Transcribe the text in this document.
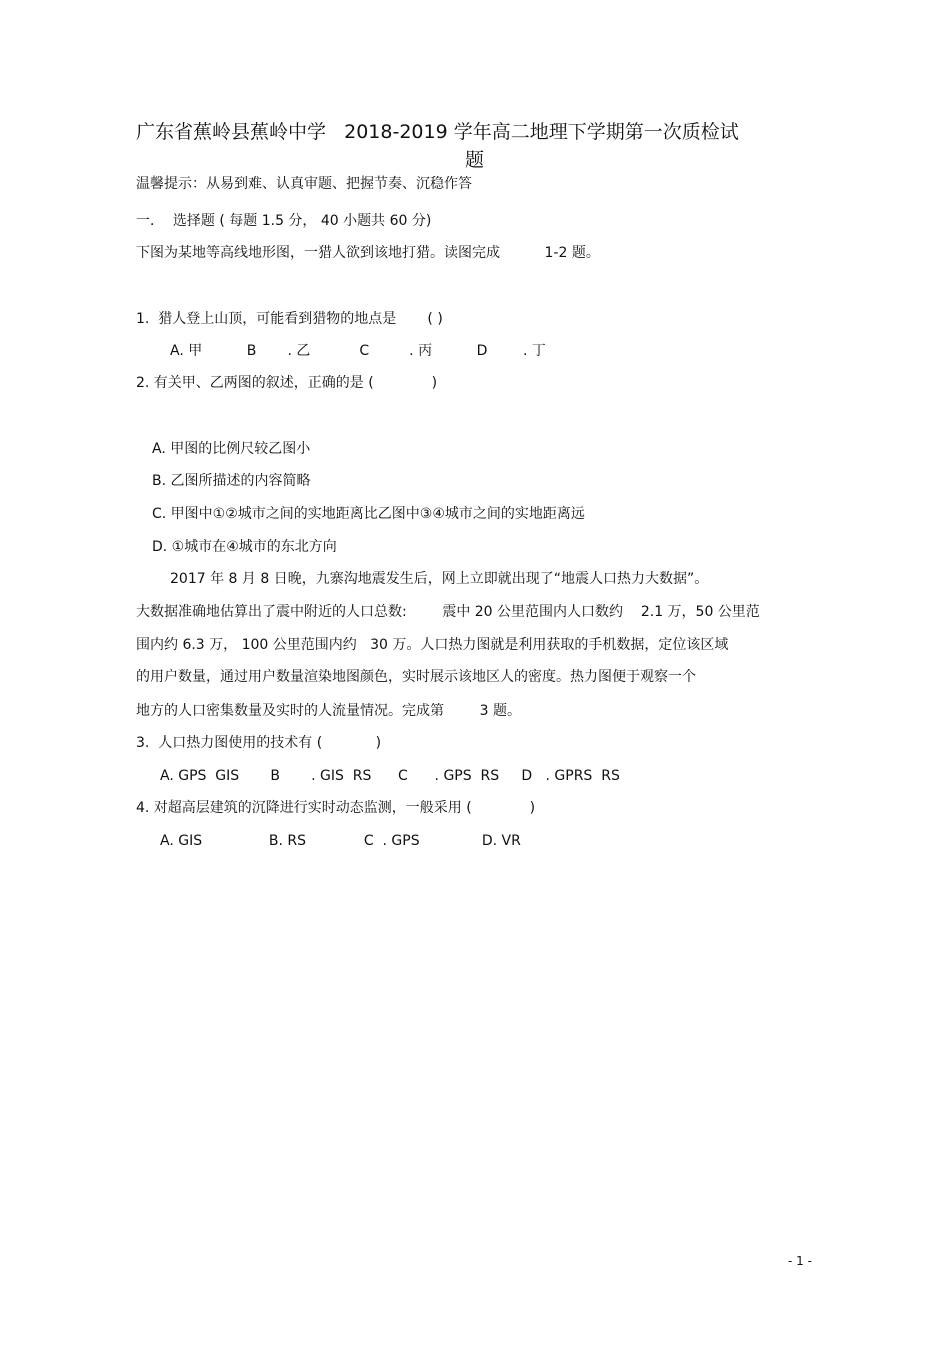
广东省蕉岭县蕉岭中学   2018-2019 学年高二地理下学期第一次质检试
题
温馨提示：从易到难、认真审题、把握节奏、沉稳作答
一．  选择题 ( 每题 1.5 分， 40 小题共 60 分)
下图为某地等高线地形图，一猎人欲到该地打猎。读图完成          1-2 题。
1.  猎人登上山顶，可能看到猎物的地点是       ( )
A. 甲          B       . 乙           C         . 丙          D        . 丁
2. 有关甲、乙两图的叙述，正确的是 (             )
A. 甲图的比例尺较乙图小
B. 乙图所描述的内容简略
C. 甲图中①②城市之间的实地距离比乙图中③④城市之间的实地距离远
D. ①城市在④城市的东北方向
2017 年 8 月 8 日晚，九寨沟地震发生后，网上立即就出现了“地震人口热力大数据”。
大数据准确地估算出了震中附近的人口总数:        震中 20 公里范围内人口数约    2.1 万，50 公里范
围内约 6.3 万， 100 公里范围内约   30 万。人口热力图就是利用获取的手机数据，定位该区域
的用户数量，通过用户数量渲染地图颜色，实时展示该地区人的密度。热力图便于观察一个
地方的人口密集数量及实时的人流量情况。完成第        3 题。
3.  人口热力图使用的技术有 (            )
A. GPS  GIS       B       . GIS  RS      C      . GPS  RS     D   . GPRS  RS
4. 对超高层建筑的沉降进行实时动态监测，一般采用 (             )
A. GIS               B. RS             C  . GPS              D. VR
- 1 -
